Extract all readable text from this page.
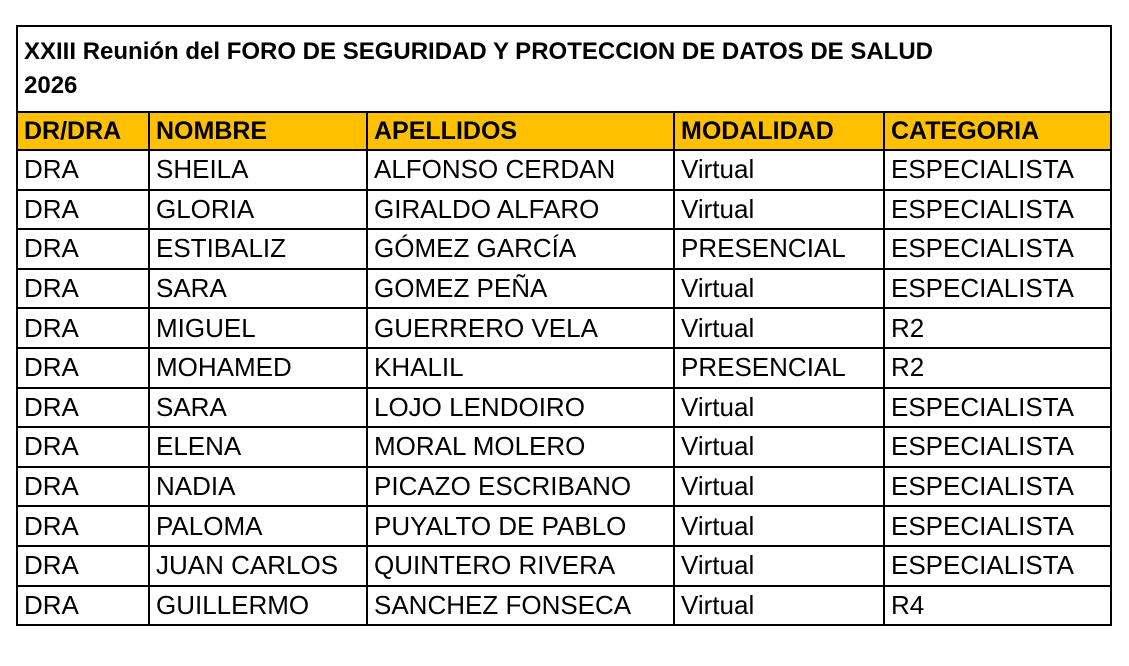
XXIII Reunión del FORO DE SEGURIDAD Y PROTECCION DE DATOS DE SALUD
2026				

DR/DRA	NOMBRE	APELLIDOS	MODALIDAD	CATEGORIA
DRA	SHEILA	ALFONSO CERDAN	Virtual	ESPECIALISTA
DRA	GLORIA	GIRALDO ALFARO	Virtual	ESPECIALISTA
DRA	ESTIBALIZ	GÓMEZ GARCÍA	PRESENCIAL	ESPECIALISTA
DRA	SARA	GOMEZ PEÑA	Virtual	ESPECIALISTA
DRA	MIGUEL	GUERRERO VELA	Virtual	R2
DRA	MOHAMED	KHALIL	PRESENCIAL	R2
DRA	SARA	LOJO LENDOIRO	Virtual	ESPECIALISTA
DRA	ELENA	MORAL MOLERO	Virtual	ESPECIALISTA
DRA	NADIA	PICAZO ESCRIBANO	Virtual	ESPECIALISTA
DRA	PALOMA	PUYALTO DE PABLO	Virtual	ESPECIALISTA
DRA	JUAN CARLOS	QUINTERO RIVERA	Virtual	ESPECIALISTA
DRA	GUILLERMO	SANCHEZ FONSECA	Virtual	R4
